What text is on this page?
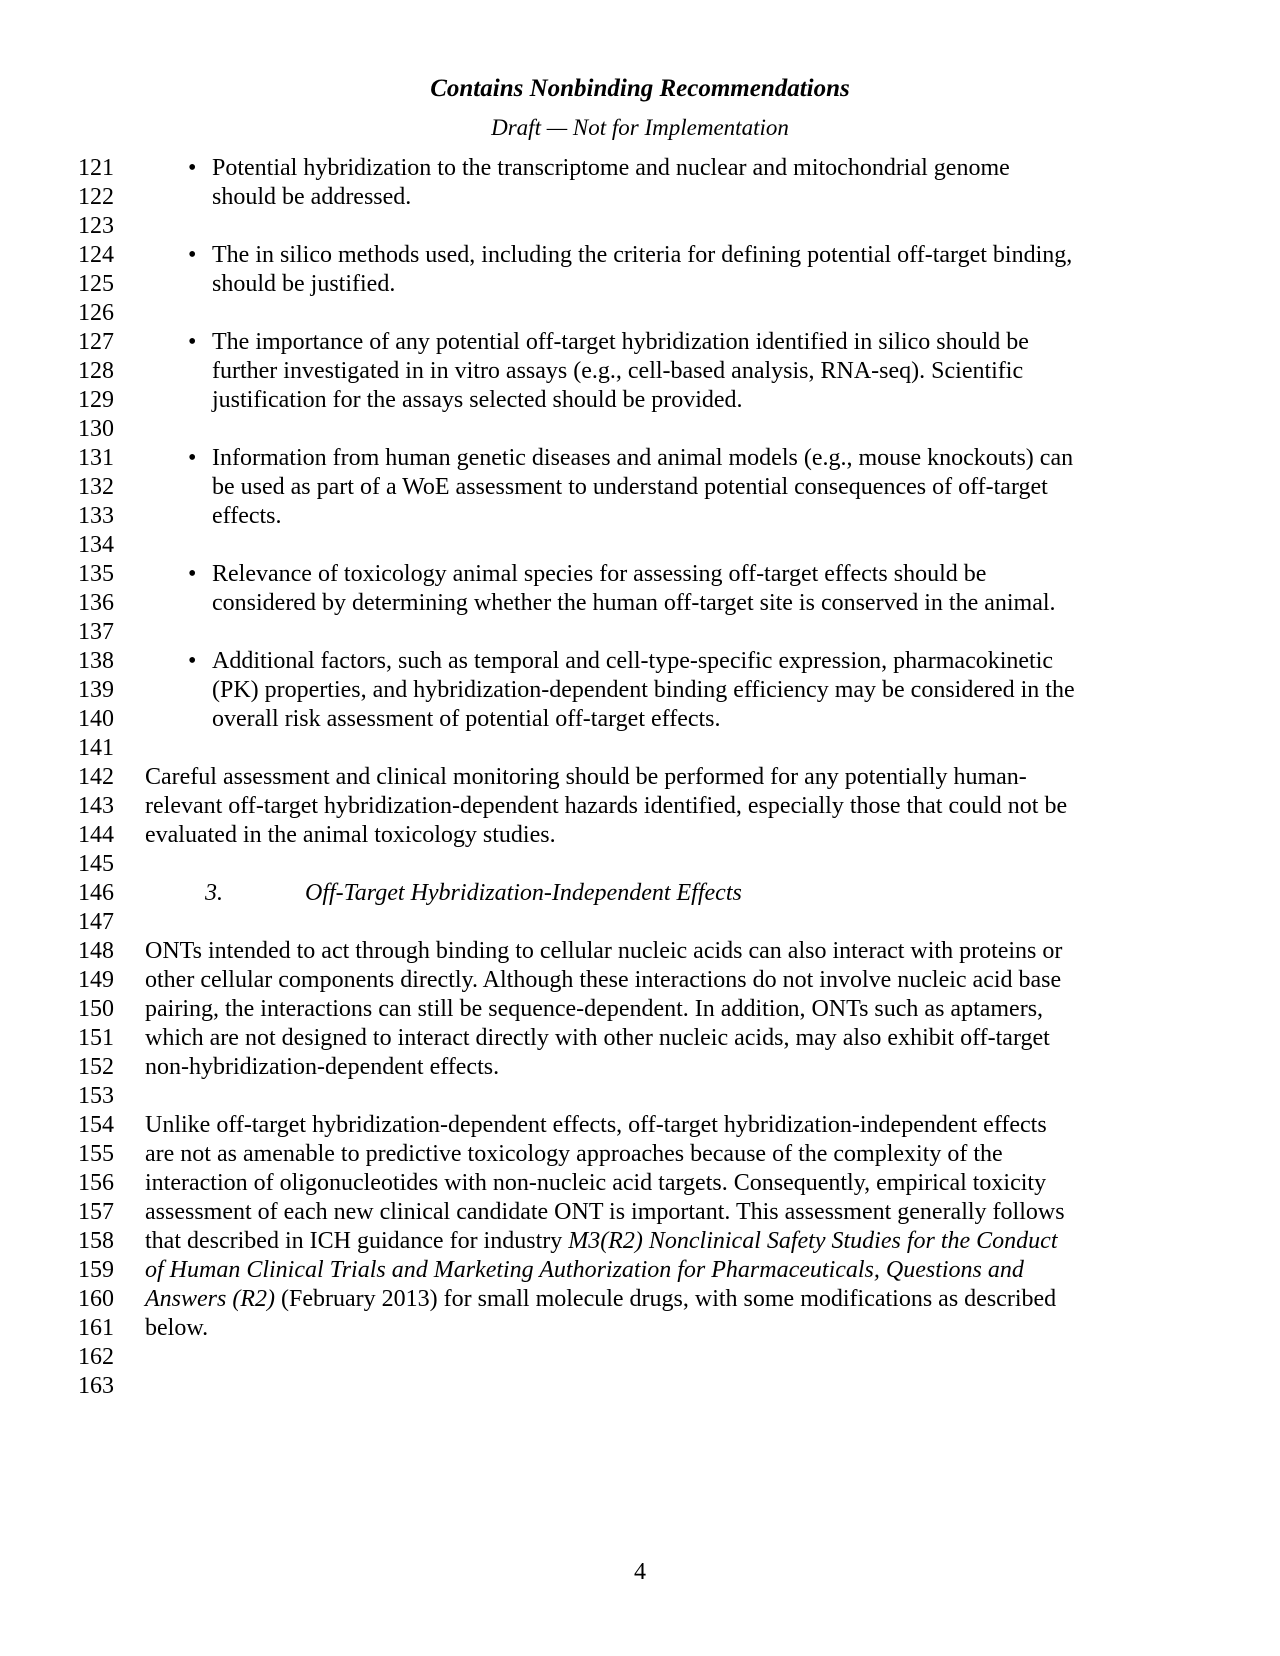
Contains Nonbinding Recommendations
Draft — Not for Implementation
121	• Potential hybridization to the transcriptome and nuclear and mitochondrial genome
122	should be addressed.
123
124	• The in silico methods used, including the criteria for defining potential off-target binding,
125	should be justified.
126
127	• The importance of any potential off-target hybridization identified in silico should be
128	further investigated in in vitro assays (e.g., cell-based analysis, RNA-seq). Scientific
129	justification for the assays selected should be provided.
130
131	• Information from human genetic diseases and animal models (e.g., mouse knockouts) can
132	be used as part of a WoE assessment to understand potential consequences of off-target
133	effects.
134
135	• Relevance of toxicology animal species for assessing off-target effects should be
136	considered by determining whether the human off-target site is conserved in the animal.
137
138	• Additional factors, such as temporal and cell-type-specific expression, pharmacokinetic
139	(PK) properties, and hybridization-dependent binding efficiency may be considered in the
140	overall risk assessment of potential off-target effects.
141
142 Careful assessment and clinical monitoring should be performed for any potentially human-
143 relevant off-target hybridization-dependent hazards identified, especially those that could not be
144 evaluated in the animal toxicology studies.
145
146	3.	Off-Target Hybridization-Independent Effects
147
148 ONTs intended to act through binding to cellular nucleic acids can also interact with proteins or
149 other cellular components directly. Although these interactions do not involve nucleic acid base
150 pairing, the interactions can still be sequence-dependent. In addition, ONTs such as aptamers,
151 which are not designed to interact directly with other nucleic acids, may also exhibit off-target
152 non-hybridization-dependent effects.
153
154 Unlike off-target hybridization-dependent effects, off-target hybridization-independent effects
155 are not as amenable to predictive toxicology approaches because of the complexity of the
156 interaction of oligonucleotides with non-nucleic acid targets. Consequently, empirical toxicity
157 assessment of each new clinical candidate ONT is important. This assessment generally follows
158 that described in ICH guidance for industry M3(R2) Nonclinical Safety Studies for the Conduct
159 of Human Clinical Trials and Marketing Authorization for Pharmaceuticals, Questions and
160 Answers (R2) (February 2013) for small molecule drugs, with some modifications as described
161 below.
162
163
4
